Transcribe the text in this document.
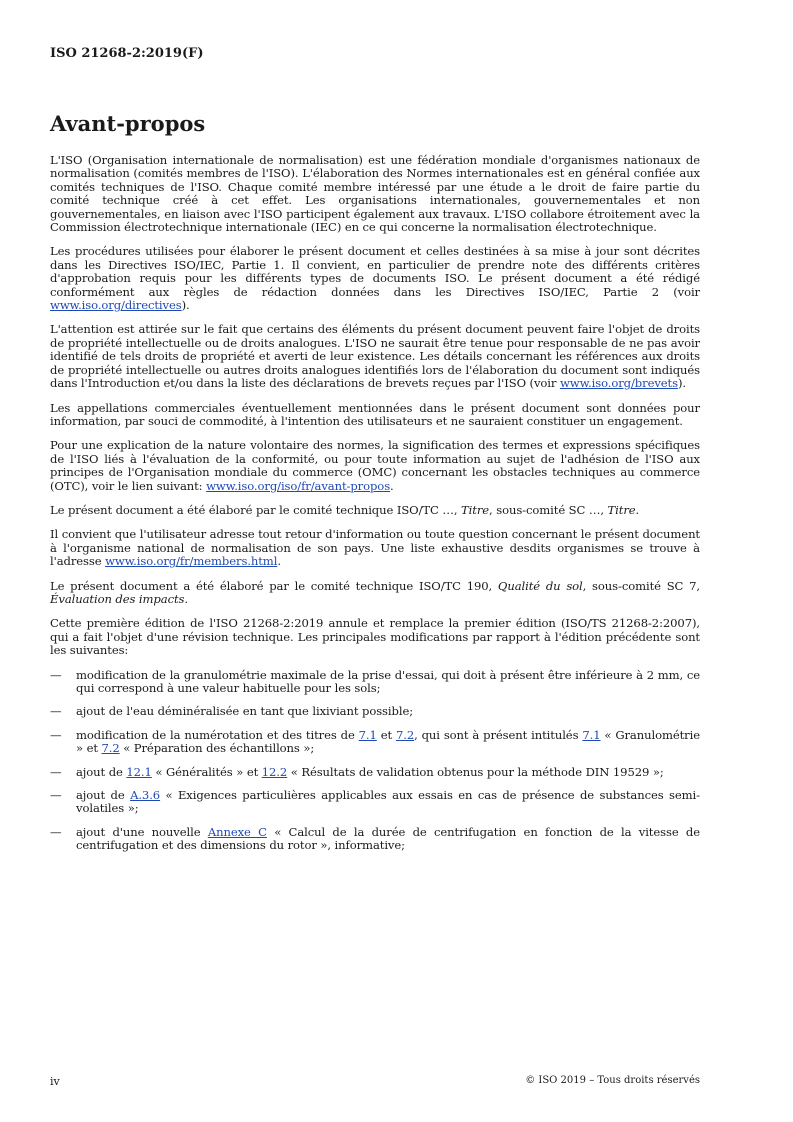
ISO 21268-2:2019(F)
Avant-propos

L'ISO (Organisation internationale de normalisation) est une fédération mondiale d'organismes nationaux de normalisation (comités membres de l'ISO). L'élaboration des Normes internationales est en général confiée aux comités techniques de l'ISO. Chaque comité membre intéressé par une étude a le droit de faire partie du comité technique créé à cet effet. Les organisations internationales, gouvernementales et non gouvernementales, en liaison avec l'ISO participent également aux travaux. L'ISO collabore étroitement avec la Commission électrotechnique internationale (IEC) en ce qui concerne la normalisation électrotechnique.

Les procédures utilisées pour élaborer le présent document et celles destinées à sa mise à jour sont décrites dans les Directives ISO/IEC, Partie 1. Il convient, en particulier de prendre note des différents critères d'approbation requis pour les différents types de documents ISO. Le présent document a été rédigé conformément aux règles de rédaction données dans les Directives ISO/IEC, Partie 2 (voir www.iso.org/directives).

L'attention est attirée sur le fait que certains des éléments du présent document peuvent faire l'objet de droits de propriété intellectuelle ou de droits analogues. L'ISO ne saurait être tenue pour responsable de ne pas avoir identifié de tels droits de propriété et averti de leur existence. Les détails concernant les références aux droits de propriété intellectuelle ou autres droits analogues identifiés lors de l'élaboration du document sont indiqués dans l'Introduction et/ou dans la liste des déclarations de brevets reçues par l'ISO (voir www.iso.org/brevets).

Les appellations commerciales éventuellement mentionnées dans le présent document sont données pour information, par souci de commodité, à l'intention des utilisateurs et ne sauraient constituer un engagement.

Pour une explication de la nature volontaire des normes, la signification des termes et expressions spécifiques de l'ISO liés à l'évaluation de la conformité, ou pour toute information au sujet de l'adhésion de l'ISO aux principes de l'Organisation mondiale du commerce (OMC) concernant les obstacles techniques au commerce (OTC), voir le lien suivant: www.iso.org/iso/fr/avant-propos.

Le présent document a été élaboré par le comité technique ISO/TC …, Titre, sous-comité SC …, Titre.

Il convient que l'utilisateur adresse tout retour d'information ou toute question concernant le présent document à l'organisme national de normalisation de son pays. Une liste exhaustive desdits organismes se trouve à l'adresse www.iso.org/fr/members.html.

Le présent document a été élaboré par le comité technique ISO/TC 190, Qualité du sol, sous-comité SC 7, Évaluation des impacts.

Cette première édition de l'ISO 21268-2:2019 annule et remplace la premier édition (ISO/TS 21268-2:2007), qui a fait l'objet d'une révision technique. Les principales modifications par rapport à l'édition précédente sont les suivantes:

— modification de la granulométrie maximale de la prise d'essai, qui doit à présent être inférieure à 2 mm, ce qui correspond à une valeur habituelle pour les sols;
— ajout de l'eau déminéralisée en tant que lixiviant possible;
— modification de la numérotation et des titres de 7.1 et 7.2, qui sont à présent intitulés 7.1 « Granulométrie » et 7.2 « Préparation des échantillons »;
— ajout de 12.1 « Généralités » et 12.2 « Résultats de validation obtenus pour la méthode DIN 19529 »;
— ajout de A.3.6 « Exigences particulières applicables aux essais en cas de présence de substances semi-volatiles »;
— ajout d'une nouvelle Annexe C « Calcul de la durée de centrifugation en fonction de la vitesse de centrifugation et des dimensions du rotor », informative;
iv	© ISO 2019 – Tous droits réservés
